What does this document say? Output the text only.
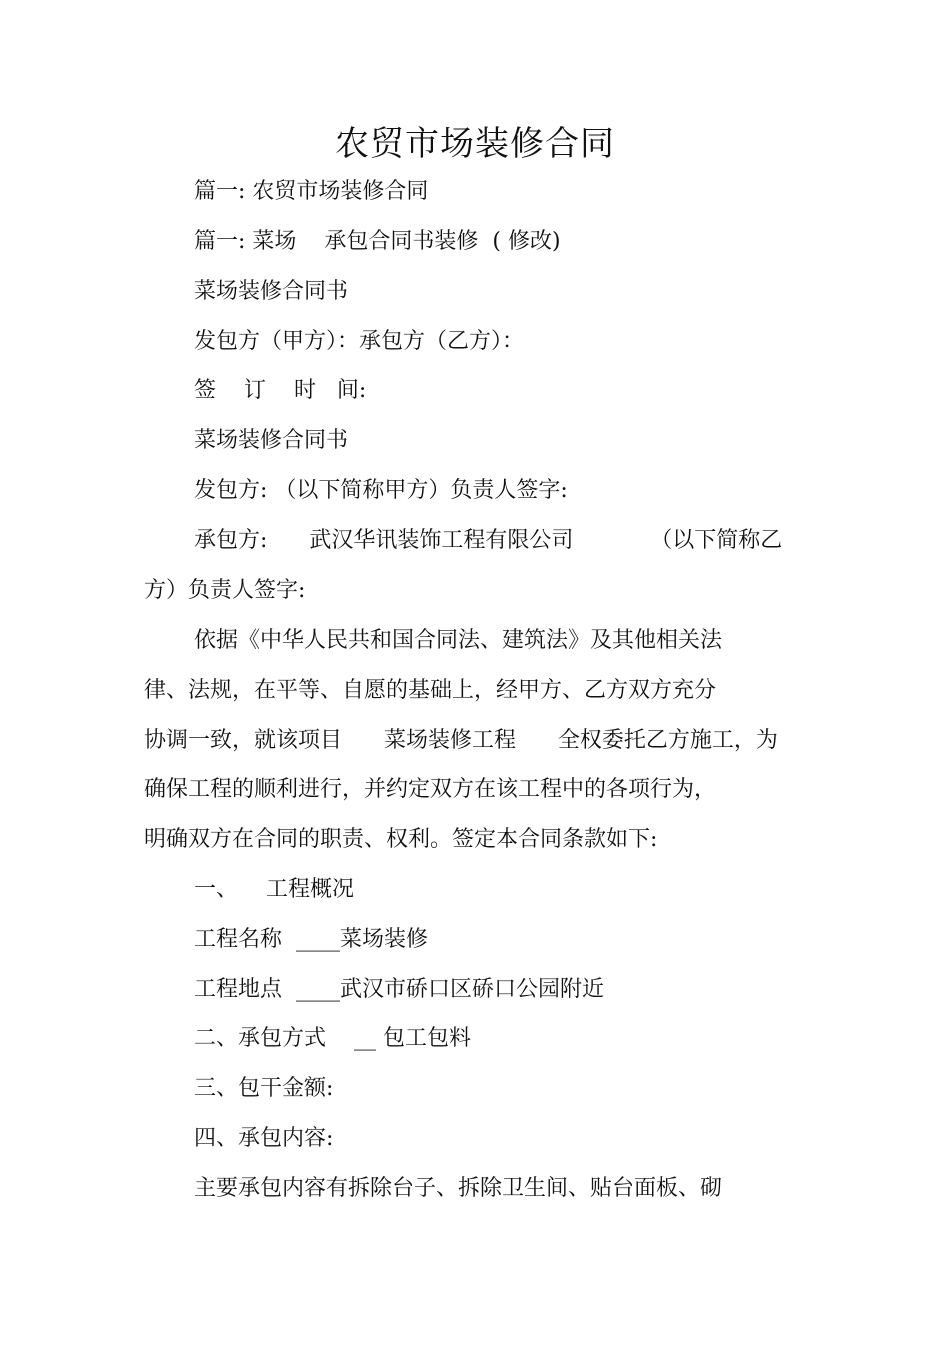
农贸市场装修合同
篇一: 农贸市场装修合同
篇一: 菜场    承包合同书装修  ( 修改)
菜场装修合同书
发包方（甲方）：承包方（乙方）：
签    订    时   间:
菜场装修合同书
发包方: （以下简称甲方）负责人签字:
承包方:      武汉华讯装饰工程有限公司           （以下简称乙
方）负责人签字:
依据《中华人民共和国合同法、建筑法》及其他相关法
律、法规，在平等、自愿的基础上，经甲方、乙方双方充分
协调一致，就该项目      菜场装修工程      全权委托乙方施工，为
确保工程的顺利进行，并约定双方在该工程中的各项行为，
明确双方在合同的职责、权利。签定本合同条款如下:
一、    工程概况
工程名称  ____菜场装修
工程地点  ____武汉市硚口区硚口公园附近
二、承包方式    __ 包工包料
三、包干金额:
四、承包内容:
主要承包内容有拆除台子、拆除卫生间、贴台面板、砌
